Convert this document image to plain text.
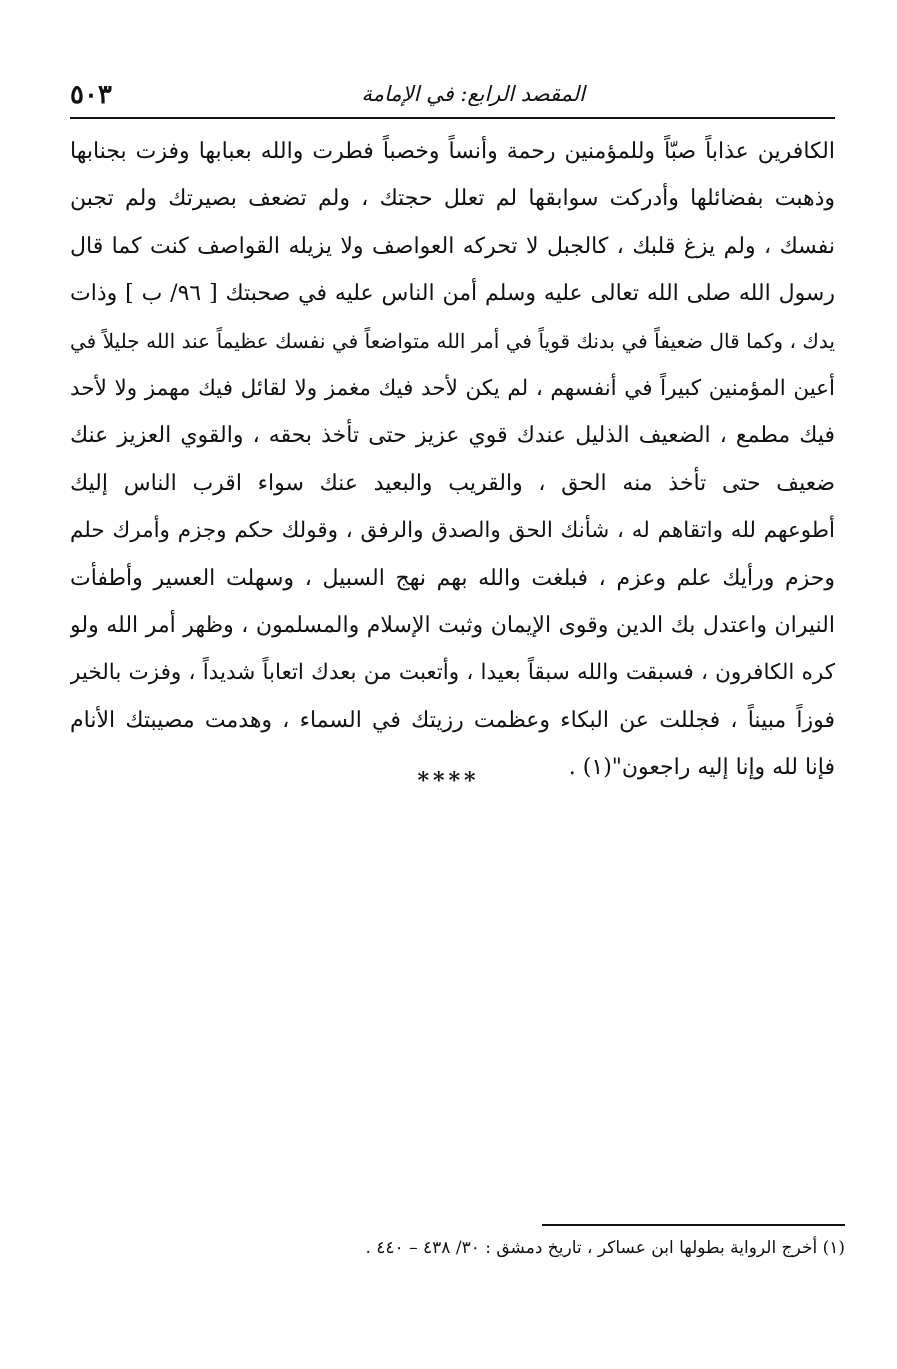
المقصد الرابع: في الإمامة
٥٠٣
الكافرين عذاباً صبّاً وللمؤمنين رحمة وأنساً وخصباً فطرت والله بعبابها وفزت بجنابها
وذهبت بفضائلها وأدركت سوابقها لم تعلل حجتك ، ولم تضعف بصيرتك ولم تجبن
نفسك ، ولم يزغ قلبك ، كالجبل لا تحركه العواصف ولا يزيله القواصف كنت كما قال
رسول الله صلى الله تعالى عليه وسلم أمن الناس عليه في صحبتك [ ٩٦/ ب ] وذات
يدك ، وكما قال ضعيفاً في بدنك قوياً في أمر الله متواضعاً في نفسك عظيماً عند الله جليلاً في
أعين المؤمنين كبيراً في أنفسهم ، لم يكن لأحد فيك مغمز ولا لقائل فيك مهمز ولا لأحد
فيك مطمع ، الضعيف الذليل عندك قوي عزيز حتى تأخذ بحقه ، والقوي العزيز عنك
ضعيف حتى تأخذ منه الحق ، والقريب والبعيد عنك سواء اقرب الناس إليك
أطوعهم لله واتقاهم له ، شأنك الحق والصدق والرفق ، وقولك حكم وجزم وأمرك حلم
وحزم ورأيك علم وعزم ، فبلغت والله بهم نهج السبيل ، وسهلت العسير وأطفأت
النيران واعتدل بك الدين وقوى الإيمان وثبت الإسلام والمسلمون ، وظهر أمر الله ولو
كره الكافرون ، فسبقت والله سبقاً بعيدا ، وأتعبت من بعدك اتعاباً شديداً ، وفزت بالخير
فوزاً مبيناً ، فجللت عن البكاء وعظمت رزيتك في السماء ، وهدمت مصيبتك الأنام
فإنا لله وإنا إليه راجعون"(١) .
****
(١) أخرج الرواية بطولها ابن عساكر ، تاريخ دمشق : ٣٠/ ٤٣٨ – ٤٤٠ .
